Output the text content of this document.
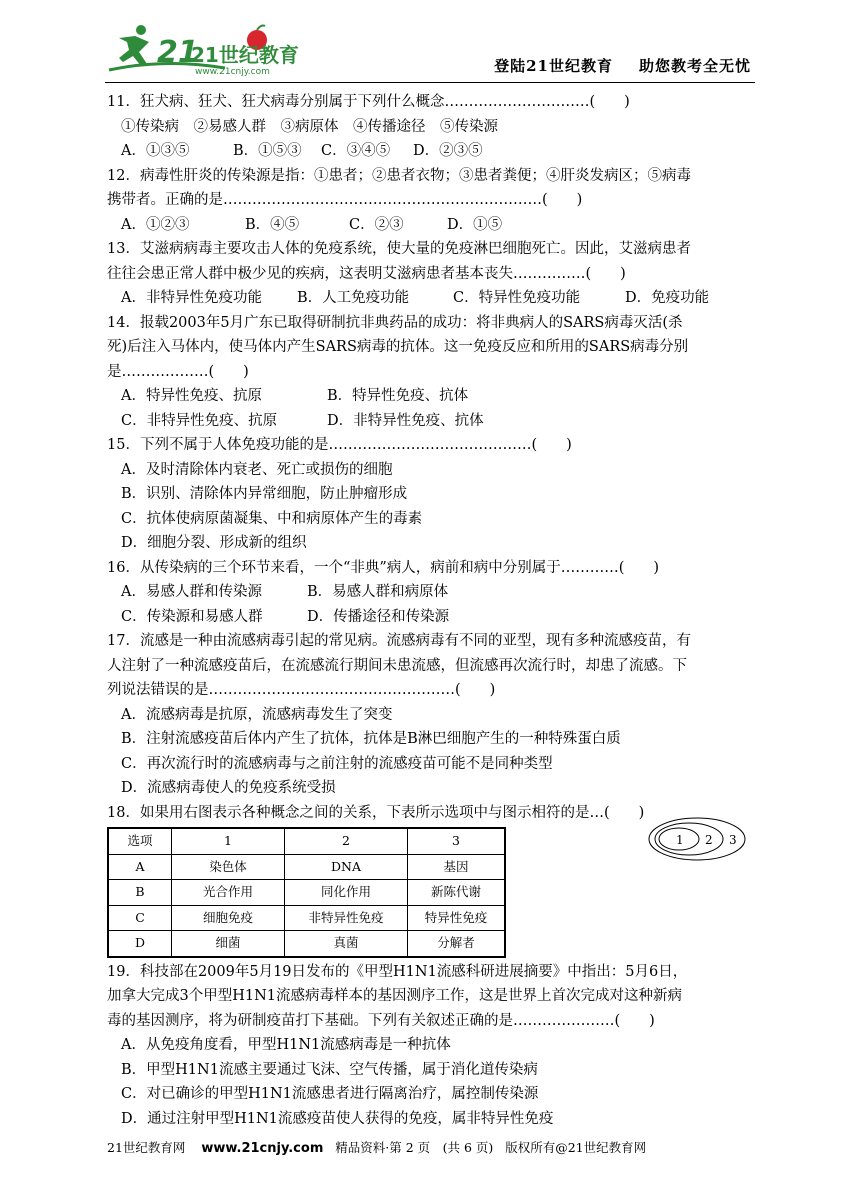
21
21世纪教育
www.21cnjy.com	登陆21世纪教育 助您教考全无忧
11．狂犬病、狂犬、狂犬病毒分别属于下列什么概念…………………………(　　)
①传染病　②易感人群　③病原体　④传播途径　⑤传染源
A．①③⑤	B．①⑤③ C．③④⑤ D．②③⑤
12．病毒性肝炎的传染源是指：①患者；②患者衣物；③患者粪便；④肝炎发病区；⑤病毒
携带者。正确的是…………………………………………………………(　　)
A．①②③	B．④⑤	C．②③	D．①⑤
13．艾滋病病毒主要攻击人体的免疫系统，使大量的免疫淋巴细胞死亡。因此，艾滋病患者
往往会患正常人群中极少见的疾病，这表明艾滋病患者基本丧失……………(　　)
A．非特异性免疫功能 B．人工免疫功能	C．特异性免疫功能	D．免疫功能
14．报载2003年5月广东已取得研制抗非典药品的成功：将非典病人的SARS病毒灭活(杀
死)后注入马体内，使马体内产生SARS病毒的抗体。这一免疫反应和所用的SARS病毒分别
是………………(　　)
A．特异性免疫、抗原	B．特异性免疫、抗体
C．非特异性免疫、抗原	D．非特异性免疫、抗体
15．下列不属于人体免疫功能的是……………………………………(　　)
A．及时清除体内衰老、死亡或损伤的细胞
B．识别、清除体内异常细胞，防止肿瘤形成
C．抗体使病原菌凝集、中和病原体产生的毒素
D．细胞分裂、形成新的组织
16．从传染病的三个环节来看，一个“非典”病人，病前和病中分别属于…………(　　)
A．易感人群和传染源	B．易感人群和病原体
C．传染源和易感人群	D．传播途径和传染源
17．流感是一种由流感病毒引起的常见病。流感病毒有不同的亚型，现有多种流感疫苗，有
人注射了一种流感疫苗后，在流感流行期间未患流感，但流感再次流行时，却患了流感。下
列说法错误的是……………………………………………(　　)
A．流感病毒是抗原，流感病毒发生了突变
B．注射流感疫苗后体内产生了抗体，抗体是B淋巴细胞产生的一种特殊蛋白质
C．再次流行时的流感病毒与之前注射的流感疫苗可能不是同种类型
D．流感病毒使人的免疫系统受损
18．如果用右图表示各种概念之间的关系，下表所示选项中与图示相符的是…(　　)
选项	1	2	3
A	染色体	DNA	基因
B	光合作用	同化作用	新陈代谢
C	细胞免疫	非特异性免疫	特异性免疫
D	细菌	真菌	分解者
19．科技部在2009年5月19日发布的《甲型H1N1流感科研进展摘要》中指出：5月6日，
加拿大完成3个甲型H1N1流感病毒样本的基因测序工作，这是世界上首次完成对这种新病
毒的基因测序，将为研制疫苗打下基础。下列有关叙述正确的是…………………(　　)
A．从免疫角度看，甲型H1N1流感病毒是一种抗体
B．甲型H1N1流感主要通过飞沫、空气传播，属于消化道传染病
C．对已确诊的甲型H1N1流感患者进行隔离治疗，属控制传染源
D．通过注射甲型H1N1流感疫苗使人获得的免疫，属非特异性免疫
1 2 3
21世纪教育网 www.21cnjy.com 精品资料·第 2 页　(共 6 页) 版权所有@21世纪教育网
